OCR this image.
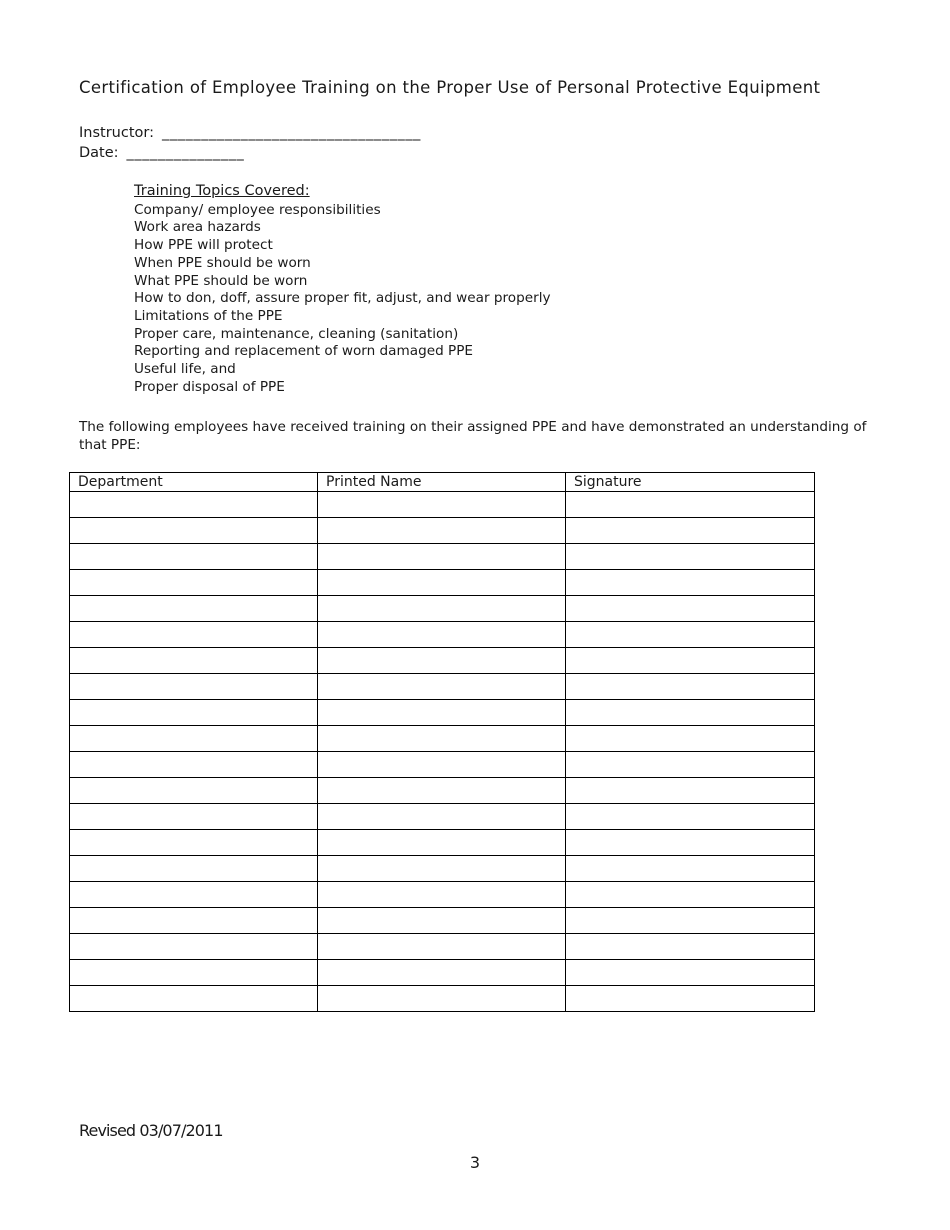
Certification of Employee Training on the Proper Use of Personal Protective Equipment
Instructor: _________________________________
Date: _______________
Training Topics Covered:
Company/ employee responsibilities
Work area hazards
How PPE will protect
When PPE should be worn
What PPE should be worn
How to don, doff, assure proper fit, adjust, and wear properly
Limitations of the PPE
Proper care, maintenance, cleaning (sanitation)
Reporting and replacement of worn damaged PPE
Useful life, and
Proper disposal of PPE
The following employees have received training on their assigned PPE and have demonstrated an understanding of that PPE:
Department	Printed Name	Signature

Revised 03/07/2011
3
